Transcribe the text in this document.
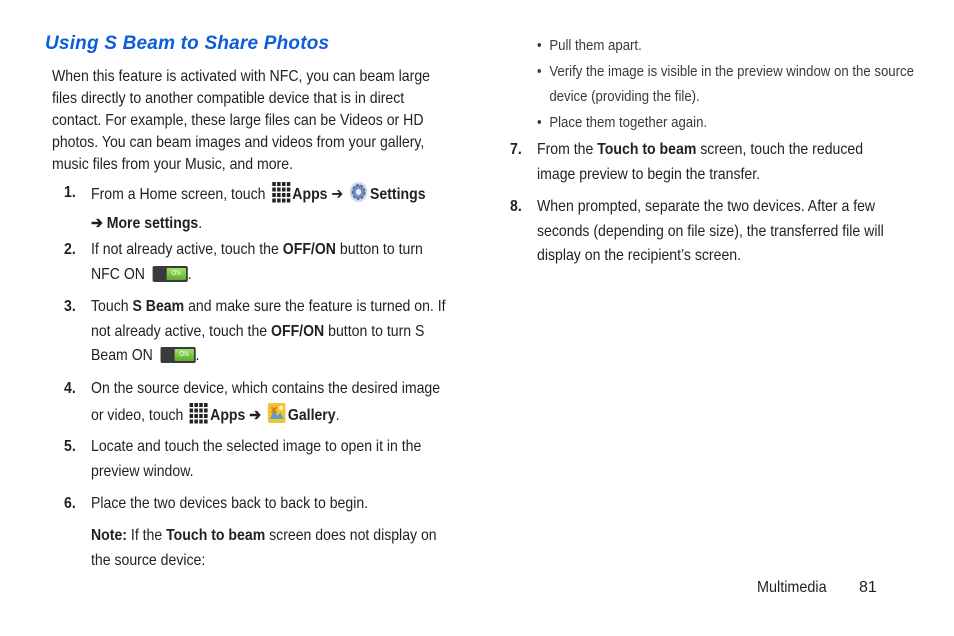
Using S Beam to Share Photos

When this feature is activated with NFC, you can beam large files directly to another compatible device that is in direct contact. For example, these large files can be Videos or HD photos. You can beam images and videos from your gallery, music files from your Music, and more.

1. From a Home screen, touch Apps ➔ Settings
➔ More settings.
2. If not already active, touch the OFF/ON button to turn NFC ON	ON .
3. Touch S Beam and make sure the feature is turned on. If not already active, touch the OFF/ON button to turn S Beam ON	ON .
4. On the source device, which contains the desired image or video, touch Apps ➔ Gallery.
5. Locate and touch the selected image to open it in the preview window.
6. Place the two devices back to back to begin.
Note: If the Touch to beam screen does not display on the source device:
• Pull them apart.
• Verify the image is visible in the preview window on the source device (providing the file).
• Place them together again.
7. From the Touch to beam screen, touch the reduced image preview to begin the transfer.
8. When prompted, separate the two devices. After a few seconds (depending on file size), the transferred file will display on the recipient’s screen.
Multimedia 81
